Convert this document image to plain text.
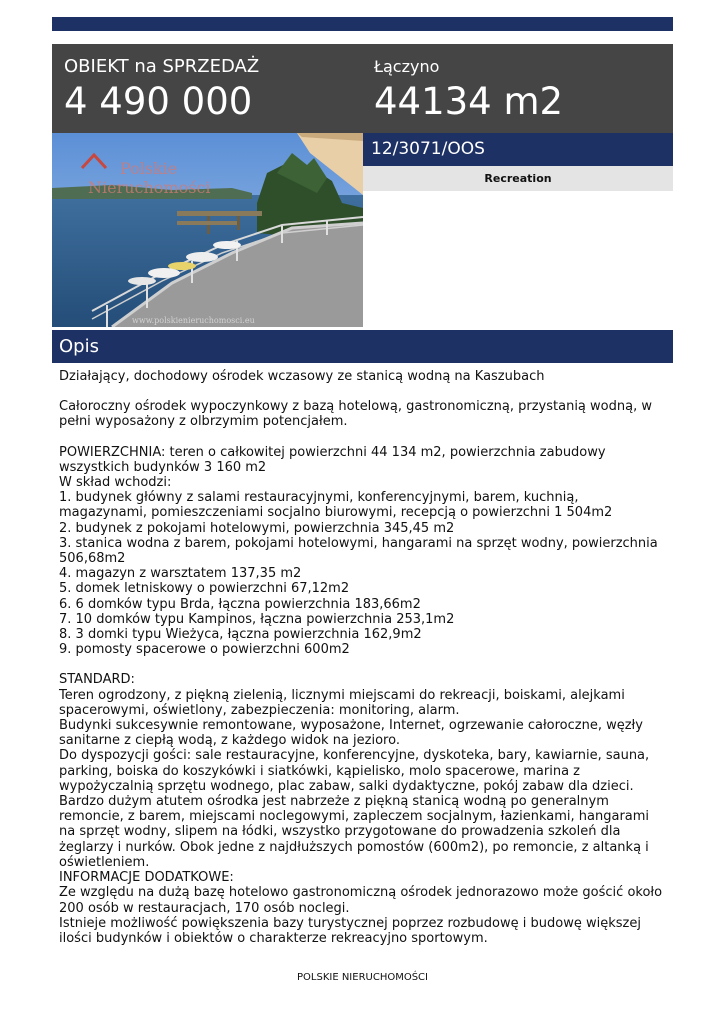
OBIEKT na SPRZEDAŻ
4 490 000
Łączyno
44134 m2
Polskie
Nieruchomości
www.polskienieruchomosci.eu
12/3071/OOS
Recreation
Opis

Działający, dochodowy ośrodek wczasowy ze stanicą wodną na Kaszubach

Całoroczny ośrodek wypoczynkowy z bazą hotelową, gastronomiczną, przystanią wodną, w pełni wyposażony z olbrzymim potencjałem.

POWIERZCHNIA: teren o całkowitej powierzchni 44 134 m2, powierzchnia zabudowy wszystkich budynków 3 160 m2
W skład wchodzi:
1. budynek główny z salami restauracyjnymi, konferencyjnymi, barem, kuchnią, magazynami, pomieszczeniami socjalno biurowymi, recepcją o powierzchni 1 504m2
2. budynek z pokojami hotelowymi, powierzchnia 345,45 m2
3. stanica wodna z barem, pokojami hotelowymi, hangarami na sprzęt wodny, powierzchnia 506,68m2
4. magazyn z warsztatem 137,35 m2
5. domek letniskowy o powierzchni 67,12m2
6. 6 domków typu Brda, łączna powierzchnia 183,66m2
7. 10 domków typu Kampinos, łączna powierzchnia 253,1m2
8. 3 domki typu Wieżyca, łączna powierzchnia 162,9m2
9. pomosty spacerowe o powierzchni 600m2

STANDARD:
Teren ogrodzony, z piękną zielenią, licznymi miejscami do rekreacji, boiskami, alejkami spacerowymi, oświetlony, zabezpieczenia: monitoring, alarm.
Budynki sukcesywnie remontowane, wyposażone, Internet, ogrzewanie całoroczne, węzły sanitarne z ciepłą wodą, z każdego widok na jezioro.
Do dyspozycji gości: sale restauracyjne, konferencyjne, dyskoteka, bary, kawiarnie, sauna, parking, boiska do koszykówki i siatkówki, kąpielisko, molo spacerowe, marina z wypożyczalnią sprzętu wodnego, plac zabaw, salki dydaktyczne, pokój zabaw dla dzieci.
Bardzo dużym atutem ośrodka jest nabrzeże z piękną stanicą wodną po generalnym remoncie, z barem, miejscami noclegowymi, zapleczem socjalnym, łazienkami, hangarami na sprzęt wodny, slipem na łódki, wszystko przygotowane do prowadzenia szkoleń dla żeglarzy i nurków. Obok jedne z najdłuższych pomostów (600m2), po remoncie, z altanką i oświetleniem.
INFORMACJE DODATKOWE:
Ze względu na dużą bazę hotelowo gastronomiczną ośrodek jednorazowo może gościć około 200 osób w restauracjach, 170 osób noclegi.
Istnieje możliwość powiększenia bazy turystycznej poprzez rozbudowę i budowę większej ilości budynków i obiektów o charakterze rekreacyjno sportowym.

POLSKIE NIERUCHOMOŚCI
